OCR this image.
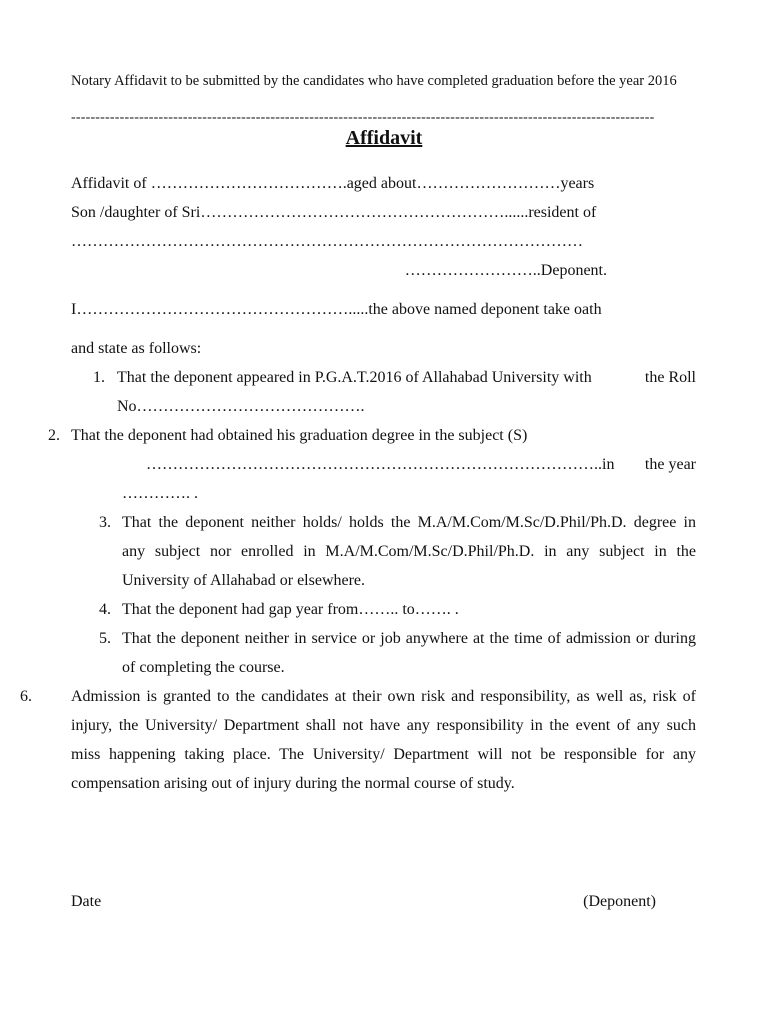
Notary Affidavit to be submitted by the candidates who have completed graduation before the year 2016
------------------------------------------------------------------------------------------------------------------------
Affidavit
Affidavit of ……………………………….aged about………………………years
Son /daughter of Sri…………………………………………………......resident of
……………………………………………………………………………………
……………………..Deponent.
I…………………………………………….....the above named deponent take oath
and state as follows:
1. That the deponent appeared in P.G.A.T.2016 of Allahabad University with	the Roll
No…………………………………….
2. That the deponent had obtained his graduation degree in the subject (S)
…………………………………………………………………………..in the year
…………. .
3. That the deponent neither holds/ holds the M.A/M.Com/M.Sc/D.Phil/Ph.D. degree in
any subject nor enrolled in M.A/M.Com/M.Sc/D.Phil/Ph.D. in any subject in the
University of Allahabad or elsewhere.
4. That the deponent had gap year from…….. to……. .
5. That the deponent neither in service or job anywhere at the time of admission or during
of completing the course.
6. Admission is granted to the candidates at their own risk and responsibility, as well as, risk of
injury, the University/ Department shall not have any responsibility in the event of any such
miss happening taking place. The University/ Department will not be responsible for any
compensation arising out of injury during the normal course of study.
Date	(Deponent)
